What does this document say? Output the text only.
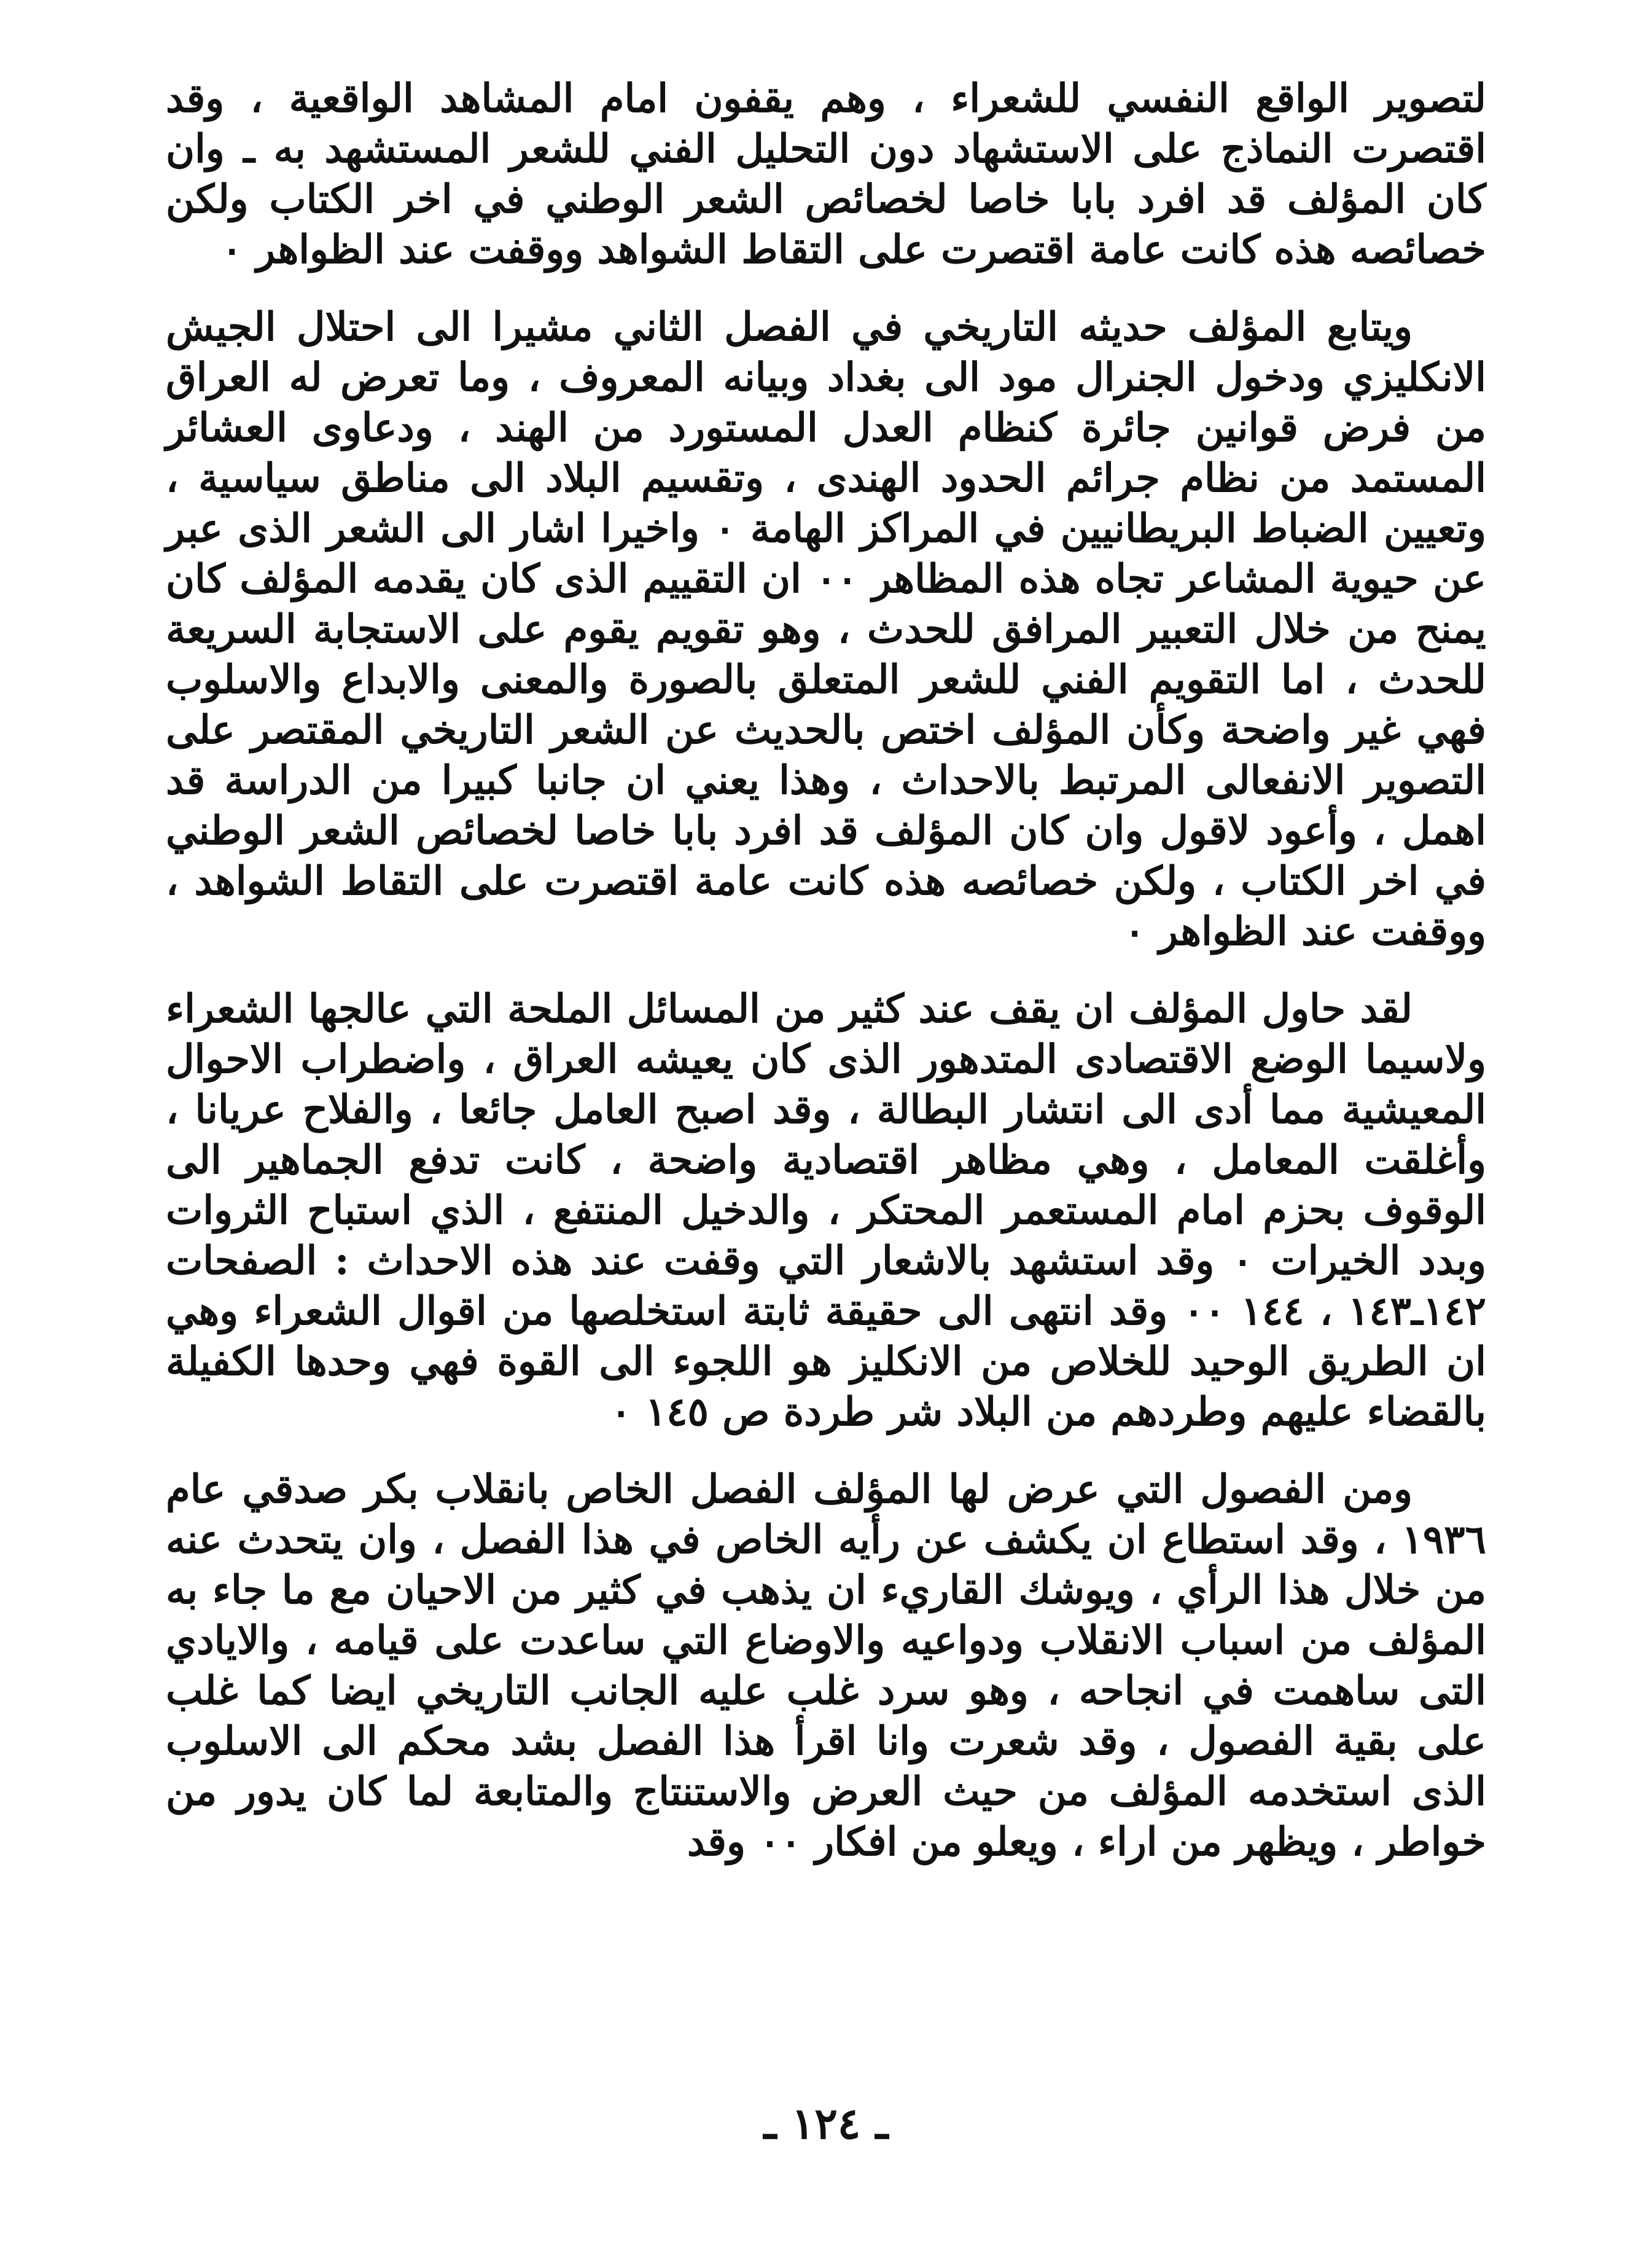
لتصوير الواقع النفسي للشعراء ، وهم يقفون امام المشاهد الواقعية ، وقد اقتصرت النماذج على الاستشهاد دون التحليل الفني للشعر المستشهد به ـ وان كان المؤلف قد افرد بابا خاصا لخصائص الشعر الوطني في اخر الكتاب ولكن خصائصه هذه كانت عامة اقتصرت على التقاط الشواهد ووقفت عند الظواهر ٠

ويتابع المؤلف حديثه التاريخي في الفصل الثاني مشيرا الى احتلال الجيش الانكليزي ودخول الجنرال مود الى بغداد وبيانه المعروف ، وما تعرض له العراق من فرض قوانين جائرة كنظام العدل المستورد من الهند ، ودعاوى العشائر المستمد من نظام جرائم الحدود الهندى ، وتقسيم البلاد الى مناطق سياسية ، وتعيين الضباط البريطانيين في المراكز الهامة ٠ واخيرا اشار الى الشعر الذى عبر عن حيوية المشاعر تجاه هذه المظاهر ٠٠ ان التقييم الذى كان يقدمه المؤلف كان يمنح من خلال التعبير المرافق للحدث ، وهو تقويم يقوم على الاستجابة السريعة للحدث ، اما التقويم الفني للشعر المتعلق بالصورة والمعنى والابداع والاسلوب فهي غير واضحة وكأن المؤلف اختص بالحديث عن الشعر التاريخي المقتصر على التصوير الانفعالى المرتبط بالاحداث ، وهذا يعني ان جانبا كبيرا من الدراسة قد اهمل ، وأعود لاقول وان كان المؤلف قد افرد بابا خاصا لخصائص الشعر الوطني في اخر الكتاب ، ولكن خصائصه هذه كانت عامة اقتصرت على التقاط الشواهد ، ووقفت عند الظواهر ٠

لقد حاول المؤلف ان يقف عند كثير من المسائل الملحة التي عالجها الشعراء ولاسيما الوضع الاقتصادى المتدهور الذى كان يعيشه العراق ، واضطراب الاحوال المعيشية مما أدى الى انتشار البطالة ، وقد اصبح العامل جائعا ، والفلاح عريانا ، وأغلقت المعامل ، وهي مظاهر اقتصادية واضحة ، كانت تدفع الجماهير الى الوقوف بحزم امام المستعمر المحتكر ، والدخيل المنتفع ، الذي استباح الثروات وبدد الخيرات ٠ وقد استشهد بالاشعار التي وقفت عند هذه الاحداث : الصفحات ١٤٢ـ١٤٣ ، ١٤٤ ٠٠ وقد انتهى الى حقيقة ثابتة استخلصها من اقوال الشعراء وهي ان الطريق الوحيد للخلاص من الانكليز هو اللجوء الى القوة فهي وحدها الكفيلة بالقضاء عليهم وطردهم من البلاد شر طردة ص ١٤٥ ٠

ومن الفصول التي عرض لها المؤلف الفصل الخاص بانقلاب بكر صدقي عام ١٩٣٦ ، وقد استطاع ان يكشف عن رأيه الخاص في هذا الفصل ، وان يتحدث عنه من خلال هذا الرأي ، ويوشك القاريء ان يذهب في كثير من الاحيان مع ما جاء به المؤلف من اسباب الانقلاب ودواعيه والاوضاع التي ساعدت على قيامه ، والايادي التى ساهمت في انجاحه ، وهو سرد غلب عليه الجانب التاريخي ايضا كما غلب على بقية الفصول ، وقد شعرت وانا اقرأ هذا الفصل بشد محكم الى الاسلوب الذى استخدمه المؤلف من حيث العرض والاستنتاج والمتابعة لما كان يدور من خواطر ، ويظهر من اراء ، ويعلو من افكار ٠٠ وقد

ـ ١٢٤ ـ
